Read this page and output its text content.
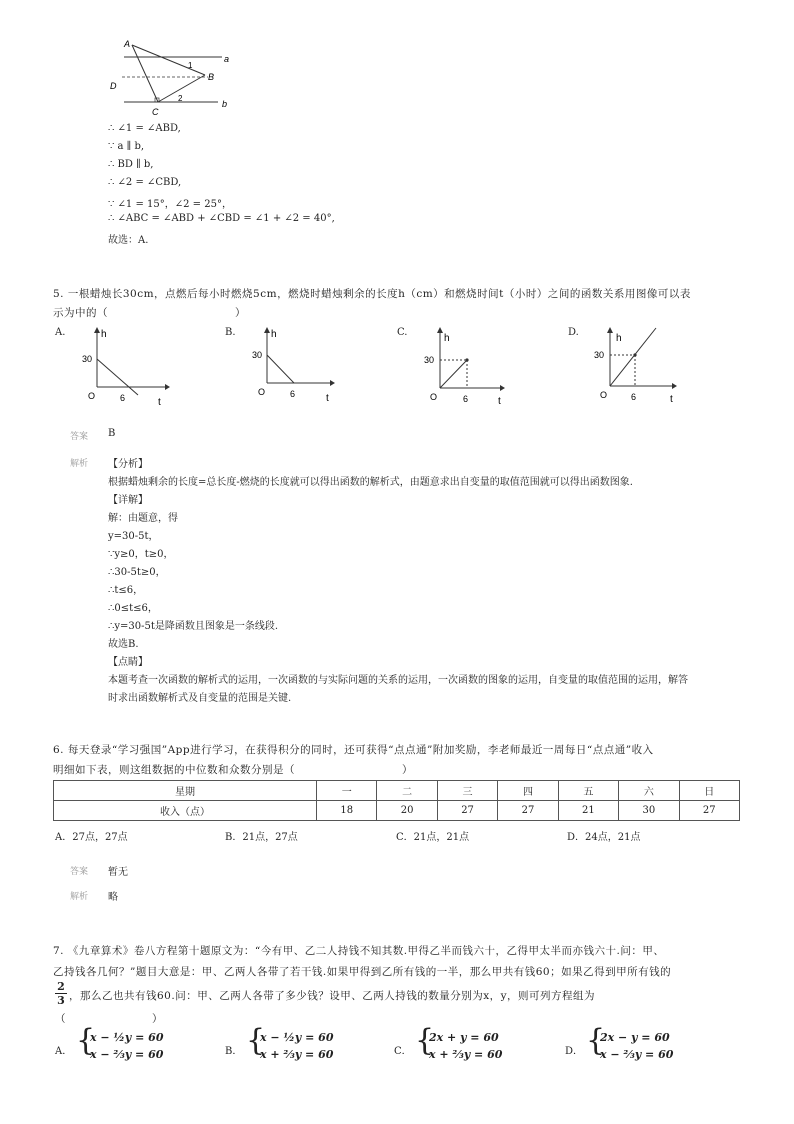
A
B
C
D
a
b
1
2
∴ ∠1 = ∠ABD,
∵ a ∥ b,
∴ BD ∥ b,
∴ ∠2 = ∠CBD,
∵ ∠1 = 15°，∠2 = 25°，
∴ ∠ABC = ∠ABD + ∠CBD = ∠1 + ∠2 = 40°,
故选：A.
5. 一根蜡烛长30cm，点燃后每小时燃烧5cm，燃烧时蜡烛剩余的长度h（cm）和燃烧时间t（小时）之间的函数关系用图像可以表
示为中的（	）
A.	B.	C.	D.
h
30
O	6	t
h
30
O	6	t
h
30
O	6	t
h
30
O	6	t
答案 B
解析 【分析】
根据蜡烛剩余的长度=总长度-燃烧的长度就可以得出函数的解析式，由题意求出自变量的取值范围就可以得出函数图象.
【详解】
解：由题意，得
y=30-5t，
∵y≥0，t≥0，
∴30-5t≥0，
∴t≤6，
∴0≤t≤6，
∴y=30-5t是降函数且图象是一条线段.
故选B.
【点睛】
本题考查一次函数的解析式的运用，一次函数的与实际问题的关系的运用，一次函数的图象的运用，自变量的取值范围的运用，解答
时求出函数解析式及自变量的范围是关键.
6. 每天登录“学习强国”App进行学习，在获得积分的同时，还可获得“点点通”附加奖励，李老师最近一周每日“点点通”收入
明细如下表，则这组数据的中位数和众数分别是（	）
星期	一	二	三	四	五	六	日
收入（点）	18	20	27	27	21	30	27
A．27点，27点	B．21点，27点	C．21点，21点	D．24点，21点
答案 暂无
解析 略
7. 《九章算术》卷八方程第十题原文为：“今有甲、乙二人持钱不知其数.甲得乙半而钱六十，乙得甲太半而亦钱六十.问：甲、
乙持钱各几何？”题目大意是：甲、乙两人各带了若干钱.如果甲得到乙所有钱的一半，那么甲共有钱60；如果乙得到甲所有钱的
$\frac{2}{3}$ ，那么乙也共有钱60.问：甲、乙两人各带了多少钱？设甲、乙两人持钱的数量分别为x，y，则可列方程组为
（	）
A． {
x − ½y = 60
x − ⅔y = 60	B． {
x − ½y = 60
x + ⅔y = 60	C． {
2x + y = 60
x + ⅔y = 60	D． {
2x − y = 60
x − ⅔y = 60
